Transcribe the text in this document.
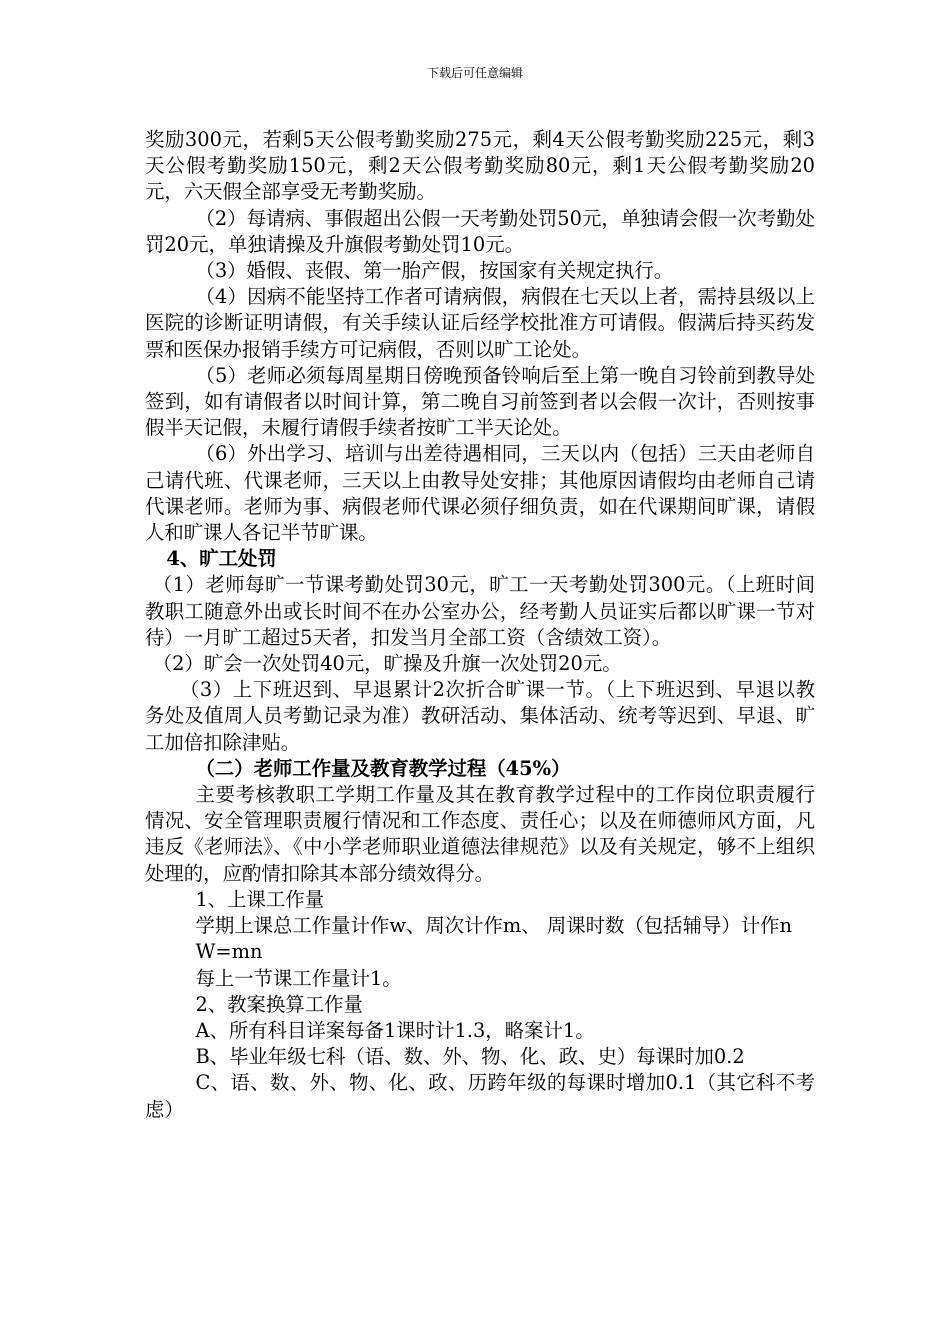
下载后可任意编辑

奖励300元，若剩5天公假考勤奖励275元，剩4天公假考勤奖励225元，剩3天公假考勤奖励150元，剩2天公假考勤奖励80元，剩1天公假考勤奖励20元，六天假全部享受无考勤奖励。

（2）每请病、事假超出公假一天考勤处罚50元，单独请会假一次考勤处罚20元，单独请操及升旗假考勤处罚10元。

（3）婚假、丧假、第一胎产假，按国家有关规定执行。

（4）因病不能坚持工作者可请病假，病假在七天以上者，需持县级以上医院的诊断证明请假，有关手续认证后经学校批准方可请假。假满后持买药发票和医保办报销手续方可记病假，否则以旷工论处。

（5）老师必须每周星期日傍晚预备铃响后至上第一晚自习铃前到教导处签到，如有请假者以时间计算，第二晚自习前签到者以会假一次计，否则按事假半天记假，未履行请假手续者按旷工半天论处。

（6）外出学习、培训与出差待遇相同，三天以内（包括）三天由老师自己请代班、代课老师，三天以上由教导处安排；其他原因请假均由老师自己请代课老师。老师为事、病假老师代课必须仔细负责，如在代课期间旷课，请假人和旷课人各记半节旷课。

4、旷工处罚

（1）老师每旷一节课考勤处罚30元，旷工一天考勤处罚300元。（上班时间教职工随意外出或长时间不在办公室办公，经考勤人员证实后都以旷课一节对待）一月旷工超过5天者，扣发当月全部工资（含绩效工资）。

（2）旷会一次处罚40元，旷操及升旗一次处罚20元。

（3）上下班迟到、早退累计2次折合旷课一节。（上下班迟到、早退以教务处及值周人员考勤记录为准）教研活动、集体活动、统考等迟到、早退、旷工加倍扣除津贴。

（二）老师工作量及教育教学过程（45%）

主要考核教职工学期工作量及其在教育教学过程中的工作岗位职责履行情况、安全管理职责履行情况和工作态度、责任心；以及在师德师风方面，凡违反《老师法》、《中小学老师职业道德法律规范》以及有关规定，够不上组织处理的，应酌情扣除其本部分绩效得分。

1、上课工作量

学期上课总工作量计作w、周次计作m、 周课时数（包括辅导）计作n

W=mn

每上一节课工作量计1。

2、教案换算工作量

A、所有科目详案每备1课时计1.3，略案计1。

B、毕业年级七科（语、数、外、物、化、政、史）每课时加0.2

C、语、数、外、物、化、政、历跨年级的每课时增加0.1（其它科不考虑）
